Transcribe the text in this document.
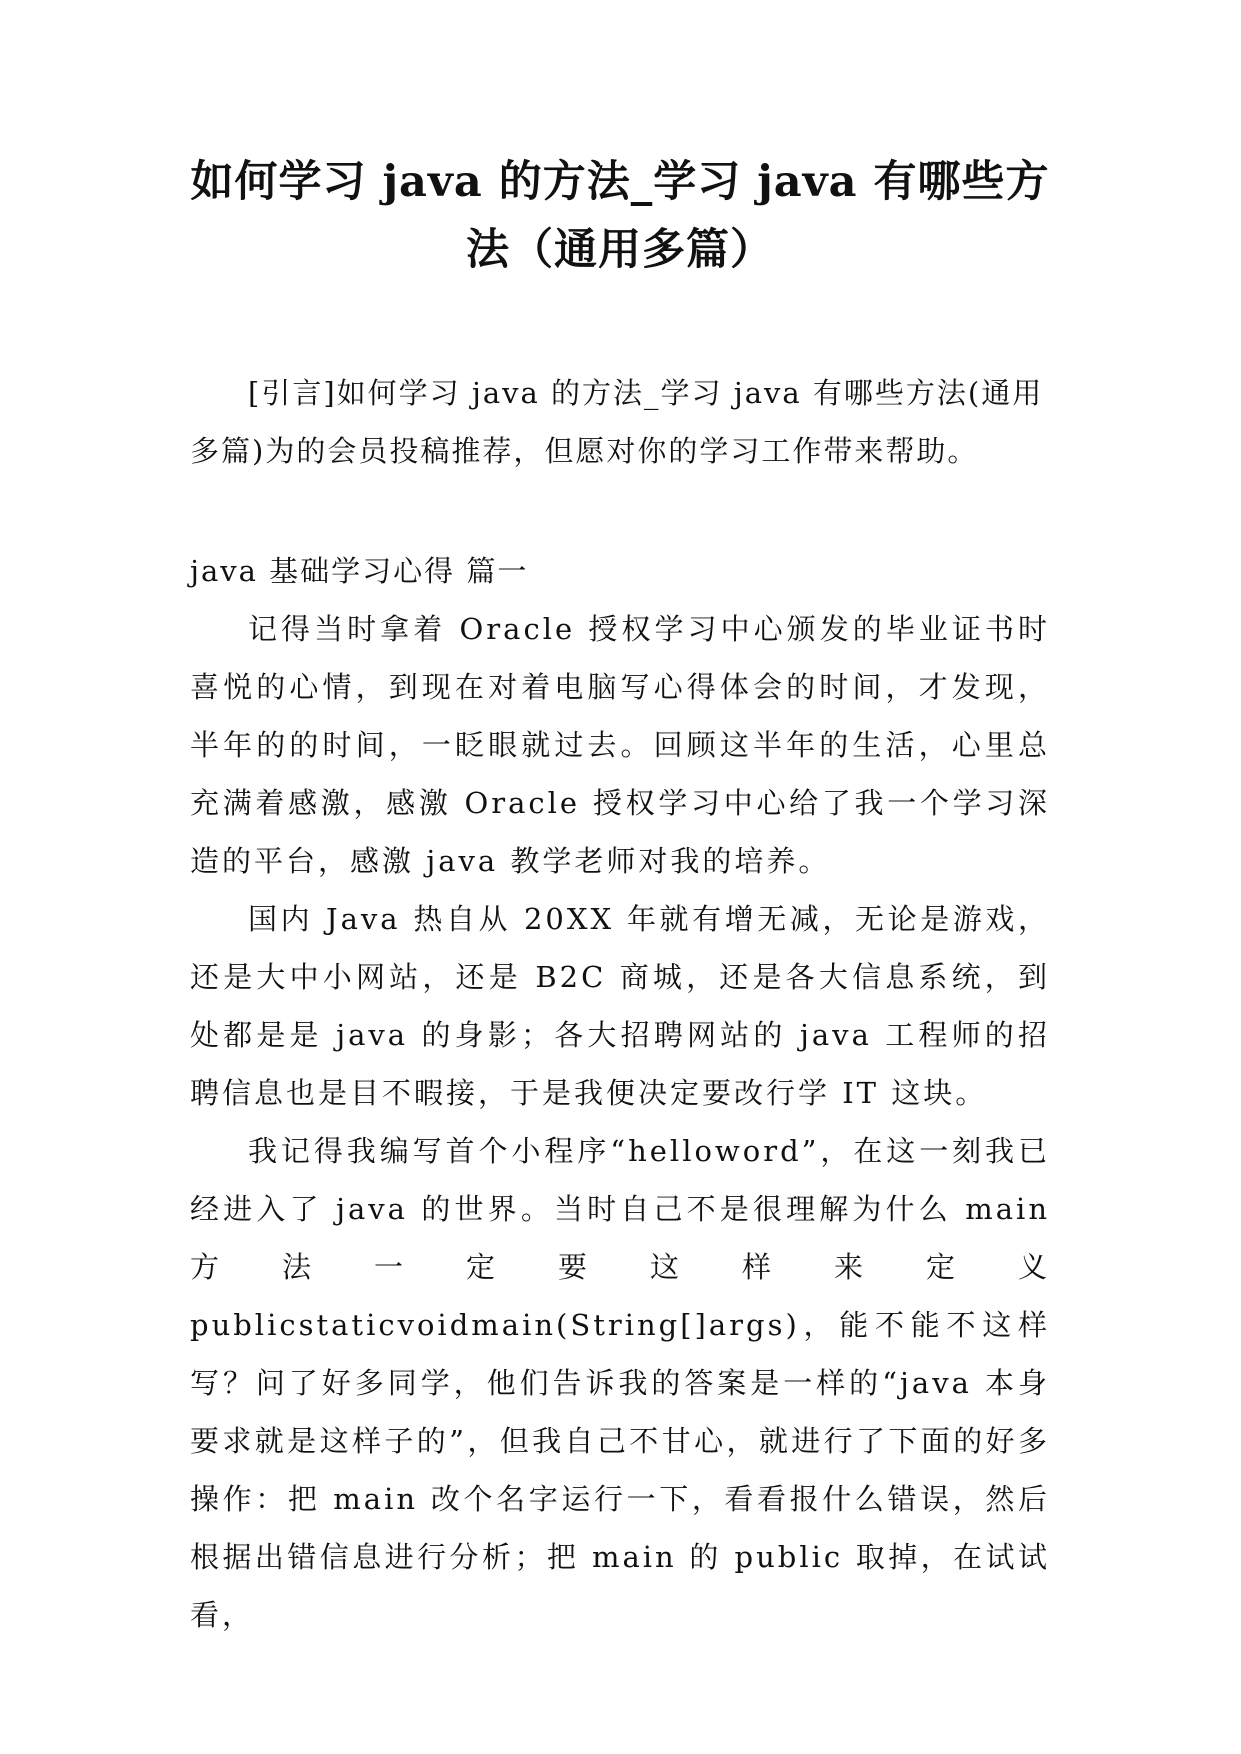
如何学习 java 的方法_学习 java 有哪些方
法（通用多篇）

[引言]如何学习 java 的方法_学习 java 有哪些方法(通用多篇)为的会员投稿推荐，但愿对你的学习工作带来帮助。

java 基础学习心得 篇一

记得当时拿着 Oracle 授权学习中心颁发的毕业证书时喜悦的心情，到现在对着电脑写心得体会的时间，才发现，半年的的时间，一眨眼就过去。回顾这半年的生活，心里总充满着感激，感激 Oracle 授权学习中心给了我一个学习深造的平台，感激 java 教学老师对我的培养。

国内 Java 热自从 20XX 年就有增无减，无论是游戏，还是大中小网站，还是 B2C 商城，还是各大信息系统，到处都是是 java 的身影；各大招聘网站的 java 工程师的招聘信息也是目不暇接，于是我便决定要改行学 IT 这块。

我记得我编写首个小程序“helloword”，在这一刻我已经进入了 java 的世界。当时自己不是很理解为什么 main 方法一定要这样来定义 publicstaticvoidmain(String[]args)，能不能不这样写？问了好多同学，他们告诉我的答案是一样的“java 本身要求就是这样子的”，但我自己不甘心，就进行了下面的好多操作：把 main 改个名字运行一下，看看报什么错误，然后根据出错信息进行分析；把 main 的 public 取掉，在试试看，
